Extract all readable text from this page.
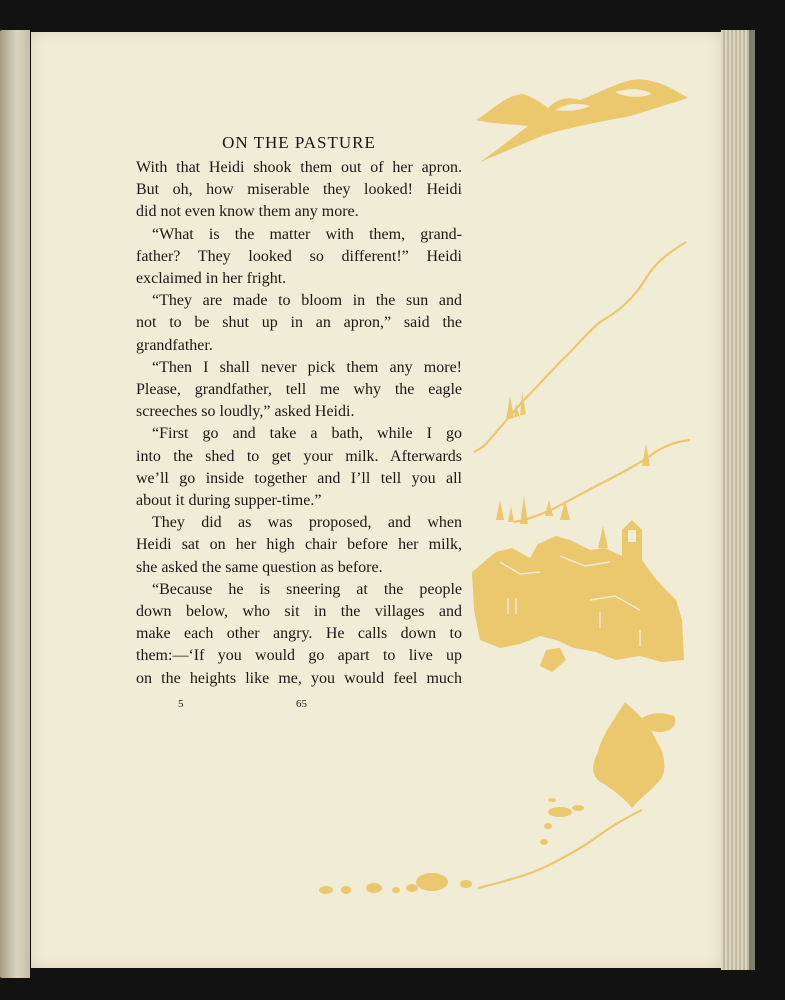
ON THE PASTURE

With that Heidi shook them out of her apron.

But oh, how miserable they looked! Heidi

did not even know them any more.

“What is the matter with them, grand-

father? They looked so different!” Heidi

exclaimed in her fright.

“They are made to bloom in the sun and

not to be shut up in an apron,” said the

grandfather.

“Then I shall never pick them any more!

Please, grandfather, tell me why the eagle

screeches so loudly,” asked Heidi.

“First go and take a bath, while I go

into the shed to get your milk. Afterwards

we’ll go inside together and I’ll tell you all

about it during supper-time.”

They did as was proposed, and when

Heidi sat on her high chair before her milk,

she asked the same question as before.

“Because he is sneering at the people

down below, who sit in the villages and

make each other angry. He calls down to

them:—‘If you would go apart to live up

on the heights like me, you would feel much

5	65
